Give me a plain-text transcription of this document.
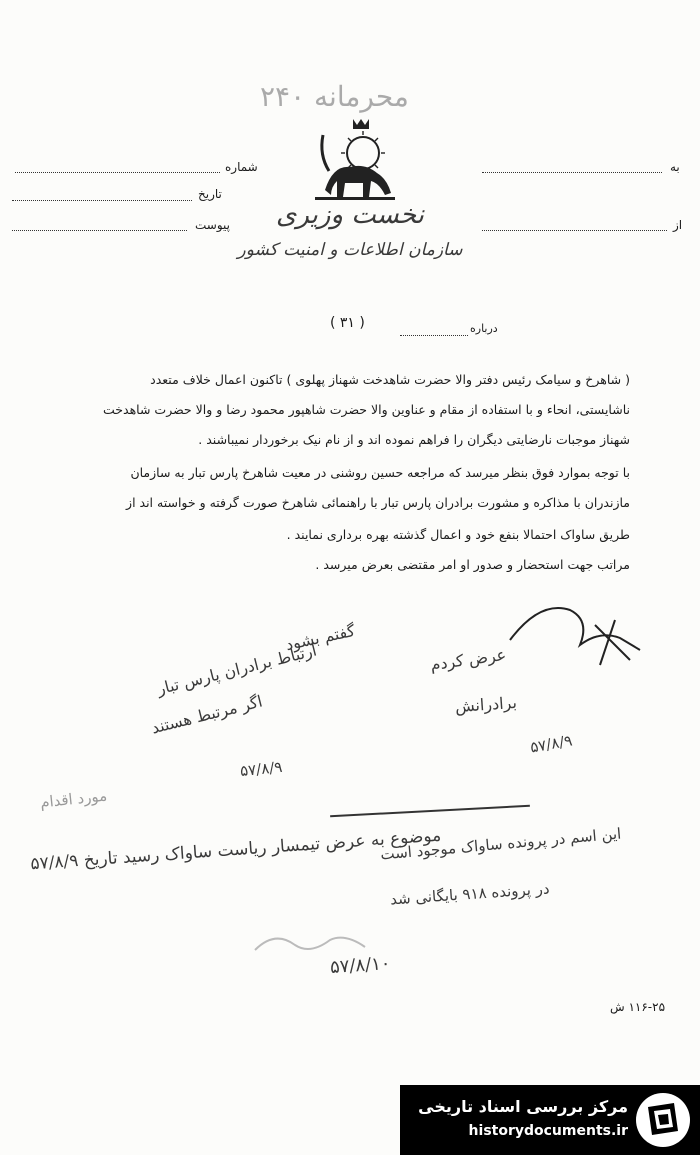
۲۴۰ محرمانه
نخست وزیری
سازمان اطلاعات و امنیت کشور
شماره
تاریخ
پیوست
به
از
( ۳۱ )	درباره
( شاهرخ و سیامک رئیس دفتر والا حضرت شاهدخت شهناز پهلوی ) تاکنون اعمال خلاف متعدد
ناشایستی، انحاء و با استفاده از مقام و عناوین والا حضرت شاهپور محمود رضا و والا حضرت شاهدخت
شهناز موجبات نارضایتی دیگران را فراهم نموده اند و از نام نیک برخوردار نمیباشند .
با توجه بموارد فوق بنظر میرسد که مراجعه حسین روشنی در معیت شاهرخ پارس تبار به سازمان
مازندران با مذاکره و مشورت برادران پارس تبار با راهنمائی شاهرخ صورت گرفته و خواسته اند از
طریق ساواک احتمالا بنفع خود و اعمال گذشته بهره برداری نمایند .
مراتب جهت استحضار و صدور او امر مقتضی بعرض میرسد .
گفتم بشود
ارتباط برادران پارس تبار
اگر مرتبط هستند
۵۷/۸/۹
عرض کردم
برادرانش
۵۷/۸/۹
مورد اقدام
موضوع به عرض تیمسار ریاست ساواک رسید تاریخ ۵۷/۸/۹
این اسم در پرونده ساواک موجود است
در پرونده ۹۱۸ بایگانی شد
۵۷/۸/۱۰
۱۱۶-۲۵ ش
مرکز بررسی اسناد تاریخی
historydocuments.ir
